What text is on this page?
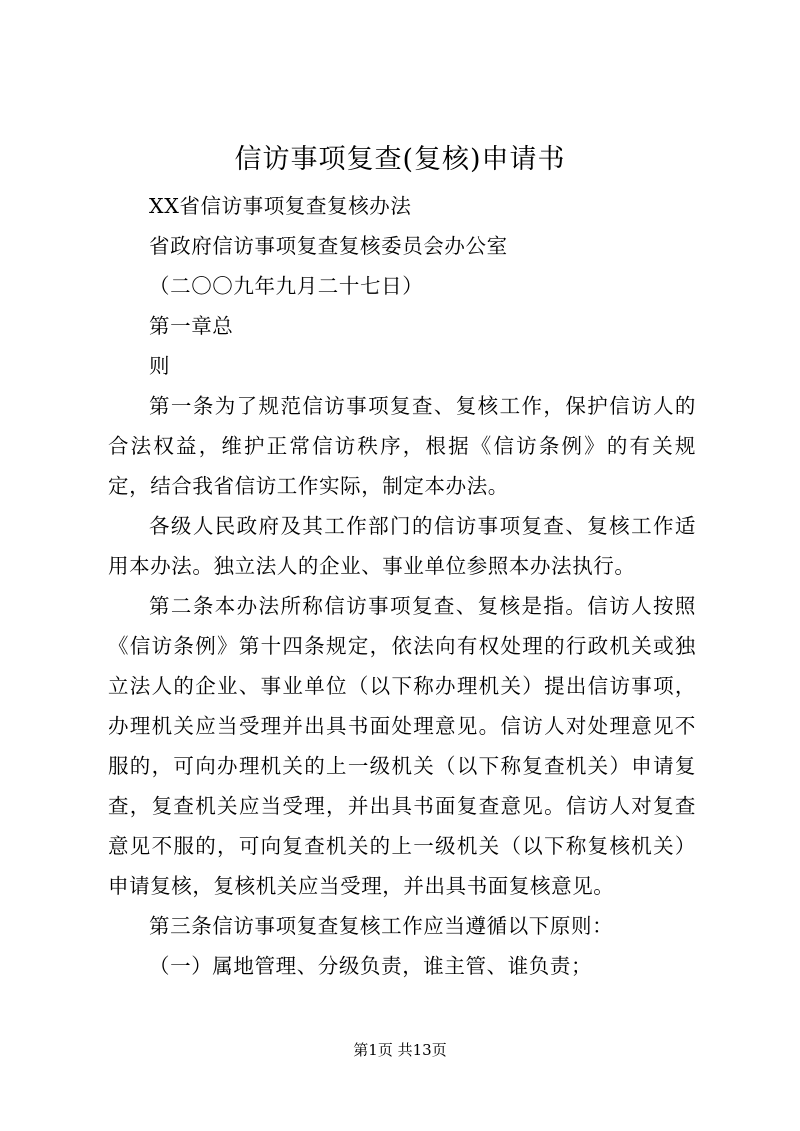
信访事项复查(复核)申请书

XX省信访事项复查复核办法

省政府信访事项复查复核委员会办公室

（二〇〇九年九月二十七日）

第一章总

则

第一条为了规范信访事项复查、复核工作，保护信访人的合法权益，维护正常信访秩序，根据《信访条例》的有关规定，结合我省信访工作实际，制定本办法。

各级人民政府及其工作部门的信访事项复查、复核工作适用本办法。独立法人的企业、事业单位参照本办法执行。

第二条本办法所称信访事项复查、复核是指。信访人按照《信访条例》第十四条规定，依法向有权处理的行政机关或独立法人的企业、事业单位（以下称办理机关）提出信访事项，办理机关应当受理并出具书面处理意见。信访人对处理意见不服的，可向办理机关的上一级机关（以下称复查机关）申请复查，复查机关应当受理，并出具书面复查意见。信访人对复查意见不服的，可向复查机关的上一级机关（以下称复核机关）申请复核，复核机关应当受理，并出具书面复核意见。

第三条信访事项复查复核工作应当遵循以下原则：

（一）属地管理、分级负责，谁主管、谁负责；

第1页 共13页
